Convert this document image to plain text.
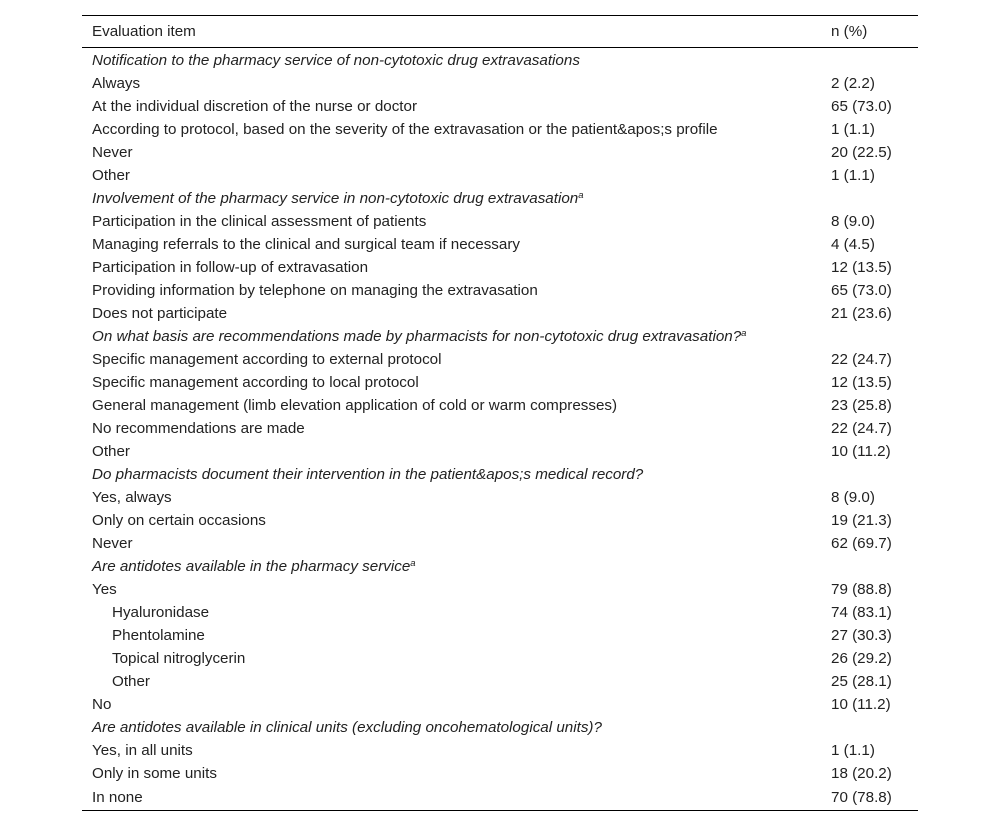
Evaluation item	n (%)
Notification to the pharmacy service of non-cytotoxic drug extravasations	
Always	2 (2.2)
At the individual discretion of the nurse or doctor	65 (73.0)
According to protocol, based on the severity of the extravasation or the patient&apos;s profile	1 (1.1)
Never	20 (22.5)
Other	1 (1.1)
Involvement of the pharmacy service in non-cytotoxic drug extravasation$^a$	
Participation in the clinical assessment of patients	8 (9.0)
Managing referrals to the clinical and surgical team if necessary	4 (4.5)
Participation in follow-up of extravasation	12 (13.5)
Providing information by telephone on managing the extravasation	65 (73.0)
Does not participate	21 (23.6)
On what basis are recommendations made by pharmacists for non-cytotoxic drug extravasation?$^a$	
Specific management according to external protocol	22 (24.7)
Specific management according to local protocol	12 (13.5)
General management (limb elevation application of cold or warm compresses)	23 (25.8)
No recommendations are made	22 (24.7)
Other	10 (11.2)
Do pharmacists document their intervention in the patient&apos;s medical record?	
Yes, always	8 (9.0)
Only on certain occasions	19 (21.3)
Never	62 (69.7)
Are antidotes available in the pharmacy service$^a$	
Yes	79 (88.8)
Hyaluronidase	74 (83.1)
Phentolamine	27 (30.3)
Topical nitroglycerin	26 (29.2)
Other	25 (28.1)
No	10 (11.2)
Are antidotes available in clinical units (excluding oncohematological units)?	
Yes, in all units	1 (1.1)
Only in some units	18 (20.2)
In none	70 (78.8)
